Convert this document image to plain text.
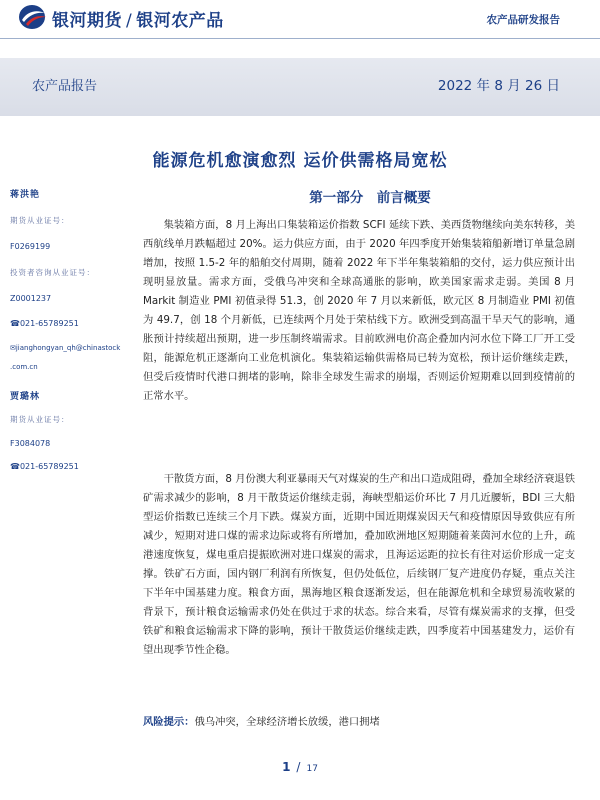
银河期货 / 银河农产品	农产品研发报告
农产品报告	2022 年 8 月 26 日
能源危机愈演愈烈 运价供需格局宽松
第一部分　前言概要
蒋洪艳
期货从业证号：
F0269199
投资者咨询从业证号：
Z0001237
☎021-65789251
✉jianghongyan_qh@chinastock
.com.cn
贾璐林
期货从业证号：
F3084078
☎021-65789251

集装箱方面，8 月上海出口集装箱运价指数 SCFI 延续下跌、美西货物继续向美东转移，美西航线单月跌幅超过 20%。运力供应方面，由于 2020 年四季度开始集装箱船新增订单量急剧增加，按照 1.5-2 年的船舶交付周期，随着 2022 年下半年集装箱船的交付，运力供应预计出现明显放量。需求方面，受俄乌冲突和全球高通胀的影响，欧美国家需求走弱。美国 8 月 Markit 制造业 PMI 初值录得 51.3，创 2020 年 7 月以来新低，欧元区 8 月制造业 PMI 初值为 49.7，创 18 个月新低，已连续两个月处于荣枯线下方。欧洲受到高温干旱天气的影响，通胀预计持续超出预期，进一步压制终端需求。目前欧洲电价高企叠加内河水位下降工厂开工受阻，能源危机正逐渐向工业危机演化。集装箱运输供需格局已转为宽松，预计运价继续走跌，但受后疫情时代港口拥堵的影响，除非全球发生需求的崩塌，否则运价短期难以回到疫情前的正常水平。

干散货方面，8 月份澳大利亚暴雨天气对煤炭的生产和出口造成阻碍，叠加全球经济衰退铁矿需求减少的影响，8 月干散货运价继续走弱，海峡型船运价环比 7 月几近腰斩，BDI 三大船型运价指数已连续三个月下跌。煤炭方面，近期中国近期煤炭因天气和疫情原因导致供应有所减少，短期对进口煤的需求边际或将有所增加，叠加欧洲地区短期随着莱茵河水位的上升，疏港速度恢复，煤电重启提振欧洲对进口煤炭的需求，且海运运距的拉长有往对运价形成一定支撑。铁矿石方面，国内钢厂利润有所恢复，但仍处低位，后续钢厂复产进度仍存疑，重点关注下半年中国基建力度。粮食方面，黑海地区粮食逐渐发运，但在能源危机和全球贸易流收紧的背景下，预计粮食运输需求仍处在供过于求的状态。综合来看，尽管有煤炭需求的支撑，但受铁矿和粮食运输需求下降的影响，预计干散货运价继续走跌，四季度若中国基建发力，运价有望出现季节性企稳。

风险提示：俄乌冲突，全球经济增长放缓，港口拥堵
1 / 17
